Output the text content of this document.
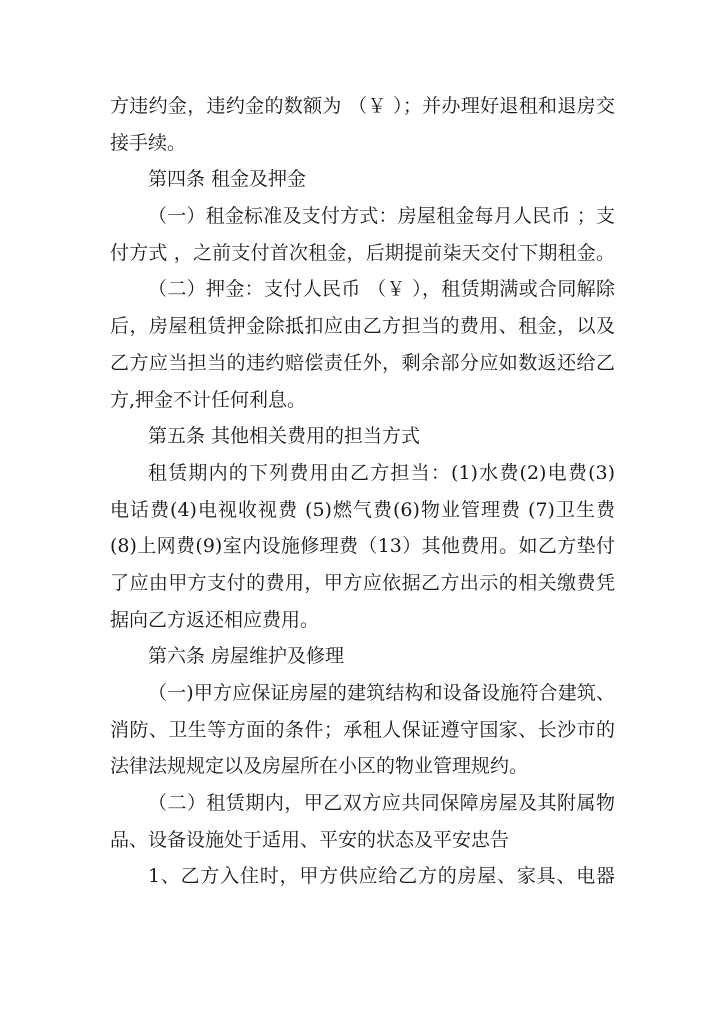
方违约金，违约金的数额为 （￥ ）；并办理好退租和退房交
接手续。
第四条 租金及押金
（一）租金标准及支付方式：房屋租金每月人民币 ；支
付方式 ，之前支付首次租金，后期提前柒天交付下期租金。
（二）押金：支付人民币 （￥ ），租赁期满或合同解除
后，房屋租赁押金除抵扣应由乙方担当的费用、租金，以及
乙方应当担当的违约赔偿责任外，剩余部分应如数返还给乙
方,押金不计任何利息。
第五条 其他相关费用的担当方式
租赁期内的下列费用由乙方担当：(1)水费(2)电费(3)
电话费(4)电视收视费 (5)燃气费(6)物业管理费 (7)卫生费
(8)上网费(9)室内设施修理费（13）其他费用。如乙方垫付
了应由甲方支付的费用，甲方应依据乙方出示的相关缴费凭
据向乙方返还相应费用。
第六条 房屋维护及修理
（一)甲方应保证房屋的建筑结构和设备设施符合建筑、
消防、卫生等方面的条件；承租人保证遵守国家、长沙市的
法律法规规定以及房屋所在小区的物业管理规约。
（二）租赁期内，甲乙双方应共同保障房屋及其附属物
品、设备设施处于适用、平安的状态及平安忠告
1、乙方入住时，甲方供应给乙方的房屋、家具、电器
